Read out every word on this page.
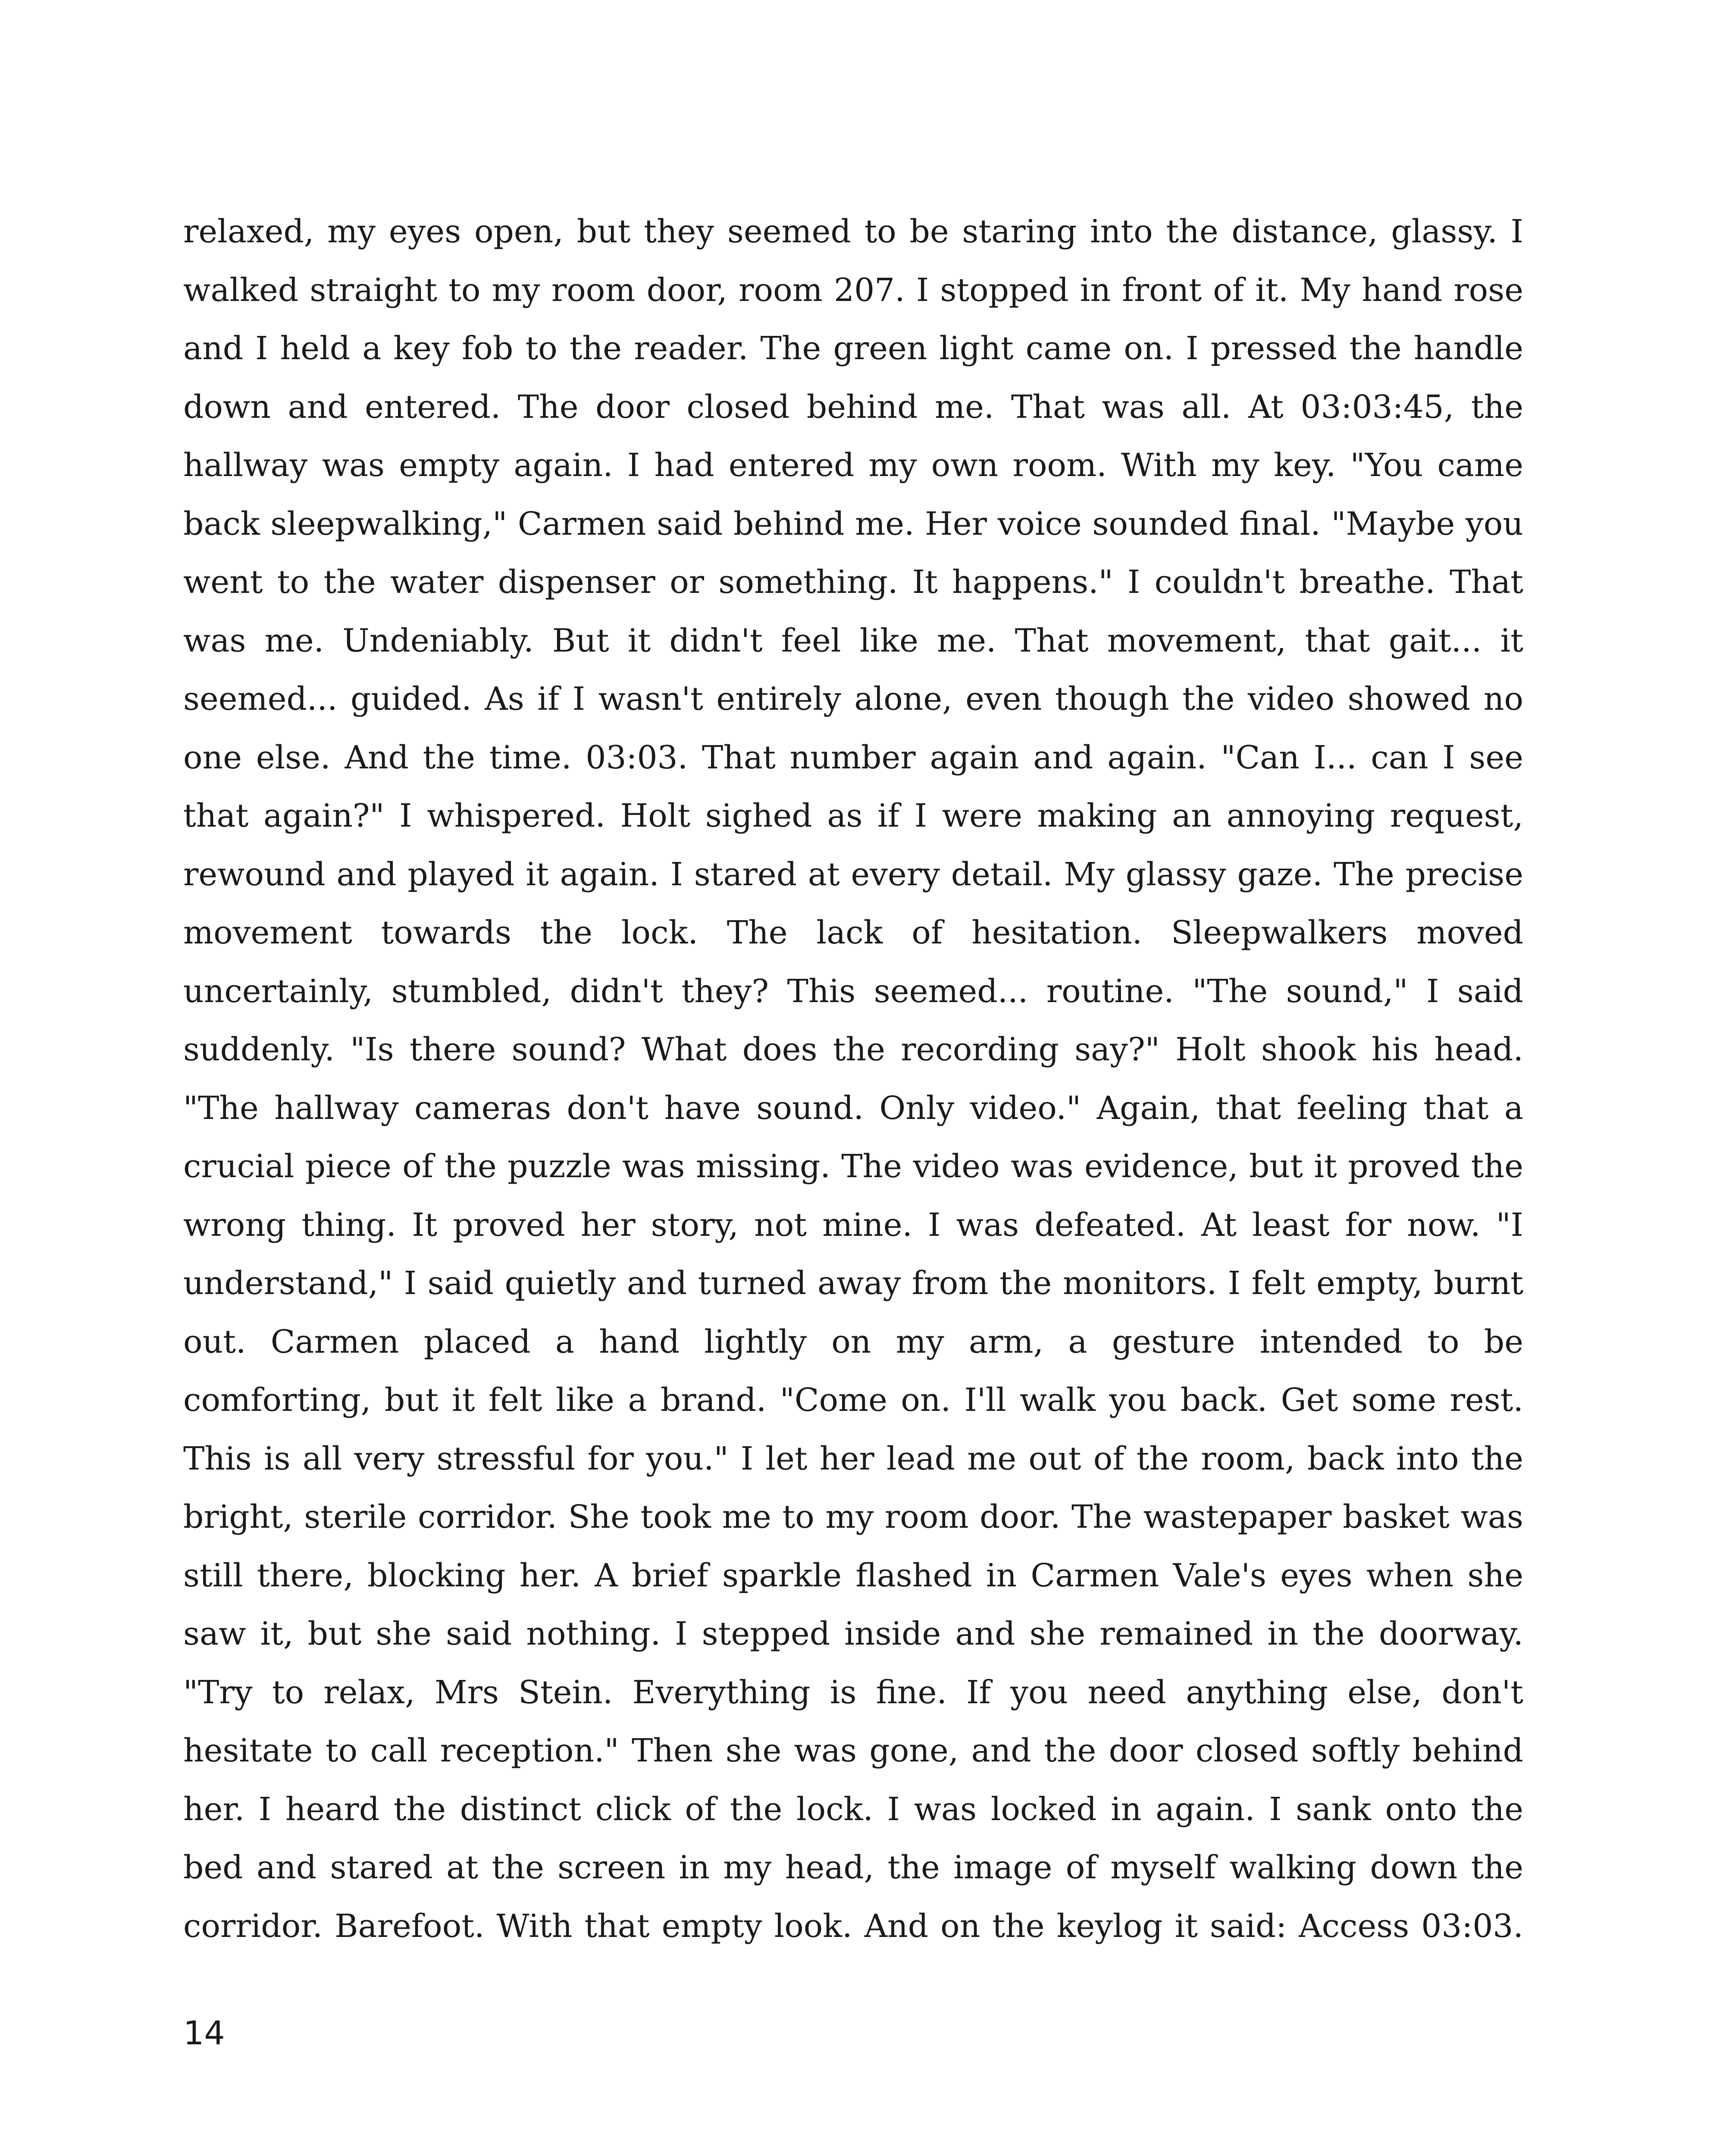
relaxed, my eyes open, but they seemed to be staring into the distance, glassy. I walked straight to my room door, room 207. I stopped in front of it. My hand rose and I held a key fob to the reader. The green light came on. I pressed the handle down and entered. The door closed behind me. That was all. At 03:03:45, the hallway was empty again. I had entered my own room. With my key. "You came back sleepwalking," Carmen said behind me. Her voice sounded final. "Maybe you went to the water dispenser or something. It happens." I couldn't breathe. That was me. Undeniably. But it didn't feel like me. That movement, that gait... it seemed... guided. As if I wasn't entirely alone, even though the video showed no one else. And the time. 03:03. That number again and again. "Can I... can I see that again?" I whispered. Holt sighed as if I were making an annoying request, rewound and played it again. I stared at every detail. My glassy gaze. The precise movement towards the lock. The lack of hesitation. Sleepwalkers moved uncertainly, stumbled, didn't they? This seemed... routine. "The sound," I said suddenly. "Is there sound? What does the recording say?" Holt shook his head. "The hallway cameras don't have sound. Only video." Again, that feeling that a crucial piece of the puzzle was missing. The video was evidence, but it proved the wrong thing. It proved her story, not mine. I was defeated. At least for now. "I understand," I said quietly and turned away from the monitors. I felt empty, burnt out. Carmen placed a hand lightly on my arm, a gesture intended to be comforting, but it felt like a brand. "Come on. I'll walk you back. Get some rest. This is all very stressful for you." I let her lead me out of the room, back into the bright, sterile corridor. She took me to my room door. The wastepaper basket was still there, blocking her. A brief sparkle flashed in Carmen Vale's eyes when she saw it, but she said nothing. I stepped inside and she remained in the doorway. "Try to relax, Mrs Stein. Everything is fine. If you need anything else, don't hesitate to call reception." Then she was gone, and the door closed softly behind her. I heard the distinct click of the lock. I was locked in again. I sank onto the bed and stared at the screen in my head, the image of myself walking down the corridor. Barefoot. With that empty look. And on the keylog it said: Access 03:03.

14
